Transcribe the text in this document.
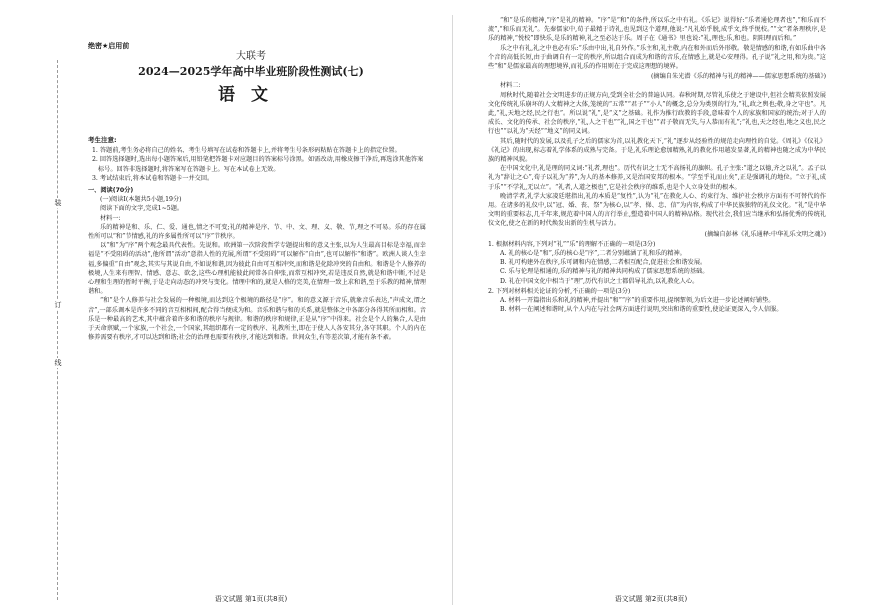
装
订
线
绝密★启用前
大联考
2024—2025学年高中毕业班阶段性测试(七)
语文
考生注意:
1. 答题前,考生务必将自己的姓名、考生号填写在试卷和答题卡上,并将考生号条形码粘贴在答题卡上的指定位置。
2. 回答选择题时,选出每小题答案后,用铅笔把答题卡对应题目的答案标号涂黑。如需改动,用橡皮擦干净后,再选涂其他答案标号。回答非选择题时,将答案写在答题卡上。写在本试卷上无效。
3. 考试结束后,将本试卷和答题卡一并交回。
一、阅读(70分)
(一)阅读Ⅰ(本题共5小题,19分)
阅读下面的文字,完成1~5题。
材料一:

乐的精神是和、乐、仁、爱、通也,情之不可变;礼的精神是序、节、中、文、理、义、敬、节,理之不可易。乐的存在属性所可以“和”节情感,礼的许多属性所可以“序”节秩序。

以“和”为“序”两个观念最具代表性。先说和。欧洲第一次阶段哲学专题提出和的意义主张,以为人生最高目标是幸福,而幸福是“不受阻碍的活动”,他所谓“活动”意指人性的充展,所谓“不受阻碍”可以解作“自由”,也可以解作“和谐”。欧洲人谈人生幸福,多偏重“自由”观念,其实与其说自由,不如说和谐,因为彼此自由可互相冲突,而和谐是化除冲突的自由和。和谐是个人修养的极境,人生来有理智、情感、意志、欲念,这些心理机能彼此间常各自伸张,而常互相冲突,若是违反自然,就是和谐中断,不过是心理和生理的暂时平衡,于是走向动态的冲突与变化。情理中和的,就是人格的完美,在情理一致上求和谐,至于乐教的精神,情理谐和。

“和”是个人修养与社会发展的一种极境,而达到这个极境的路径是“序”。和的意义源于音乐,就象音乐表达,“声成文,谓之音”,一部乐调本是许多不同的音互相相间,配合得当便成为和。音乐和谐与和的关系,就是整体之中各部分各得其所而相和。音乐是一种最高的艺术,其中蕴含着许多和谐的秩序与规律。和谐的秩序和规律,正是从“序”中得来。社会是个人的集合,人是由于天命禀赋,一个家族,一个社会,一个国家,其组织都有一定的秩序、礼教所主,即在于使人人各安其分,各守其职。个人的内在修养需要有秩序,才可以达到和谐;社会的治理也需要有秩序,才能达到和谐。世间众生,有等差次第,才能有条不紊。

语文试题 第1页(共8页)

“和”是乐的精神,“序”是礼的精神。“序”是“和”的条件,所以乐之中有礼。《乐记》说得好:“乐者通伦理者也”,“和乐而不流”,“和乐而无礼”。先秦儒家中,荀子最精于诗礼,也见到这个道理,他说:“凡礼始乎脱,成乎文,终乎悦校。”“文”者条理秩序,是乐的精神,“悦校”即快乐,是乐的精神,礼之至必达于乐。周子在《通书》里也说:“礼,理也;乐,和也。阴阳理而后和。”

乐之中有礼,礼之中也必有乐:“乐由中出,礼自外作。”乐主和,礼主敬,内在和外而后外形敬。敬是情感的和谐,有如乐曲中各个音的高低长短,由于曲调自有一定的秩序,所以组合而成为和谐的音乐,在情感上,就是心安理得。孔子说“礼之用,和为贵。”这些“和”是儒家最高的理想境界,而礼乐的作用则在于完成这理想的境界。

(摘编自朱光潜《乐的精神与礼的精神——儒家思想系统的基础》)
材料二:

周秋时代,随着社会文明进步的正规方向,受到全社会的普遍认同。春秋时期,尽管礼乐使之于建设中,但社会精英依照发展文化传统礼乐崩坏的人文精神之大体,笼统的“五常”“君子”“小人”的概念,总分为类别的行为,“礼,政之舆也;敬,身之守也”。凡此,“礼,天地之经,民之行也”。所以说“礼”,是“义”之基础。礼作为推行政教的手段,意味着个人的家族和国家的统治;对于人的成长、文化的传承、社会的秩序,“礼,人之干也”“礼,国之干也”“君子敬而无失,与人恭而有礼”;“礼也,天之经也,地之义也,民之行也”“以礼为“天经”“地义”的同义词。

其后,随时代的发展,以及孔子之后的儒家为首,以礼教化天下,“礼”逐步从经验性的规范走向理性的自觉。《周礼》《仪礼》《礼记》的出现,标志着礼学体系的成熟与完备。于是,礼乐理论愈加精熟,礼的教化作用越发显著,礼的精神也随之成为中华民族的精神风貌。

在中国文化中,礼是理的同义词:“礼者,理也”。历代有识之士无不高扬礼的旗帜。孔子主张:“道之以德,齐之以礼”。孟子以礼为“辞让之心”,荀子以礼为“养”,为人的基本修养,又是治国安邦的根本。“学至乎礼而止矣”,正是强调礼的地位。“立于礼,成于乐”“不学礼,无以立”。“礼者,人道之极也”,它是社会秩序的维系,也是个人立身处世的根本。

晚清学者,礼学大家凌廷堪指出,礼的本质是“复性”,认为“礼”在教化人心、约束行为、维护社会秩序方面有不可替代的作用。在诸多的礼仪中,以“冠、婚、丧、祭”为核心,以“孝、悌、忠、信”为内容,构成了中华民族独特的礼仪文化。“礼”是中华文明的重要标志,几千年来,规范着中国人的言行举止,塑造着中国人的精神品格。现代社会,我们应当继承和弘扬优秀的传统礼仪文化,使之在新的时代焕发出新的生机与活力。

(摘编自彭林《礼乐通释:中华礼乐文明之魂》)
1. 根据材料内容,下列对“礼”“乐”的理解不正确的一项是(3分)
A. 礼的核心是“和”,乐的核心是“序”,二者分别蕴涵了礼和乐的精神。
B. 礼可构建外在秩序,乐可调和内在情感,二者相互配合,促进社会和谐发展。
C. 乐与伦理是相通的,乐的精神与礼的精神共同构成了儒家思想系统的基础。
D. 礼在中国文化中相当于“理”,历代有识之士都倡导礼治,以礼教化人心。
2. 下列对材料相关论证的分析,不正确的一项是(3分)
A. 材料一开篇指出乐和礼的精神,并提出“和”“序”的重要作用,提纲挈领,为后文进一步论述阐好铺垫。
B. 材料一在阐述和谐时,从个人内在与社会两方面进行说明,突出和谐的重要性,使论证更深入,令人信服。
语文试题 第2页(共8页)
